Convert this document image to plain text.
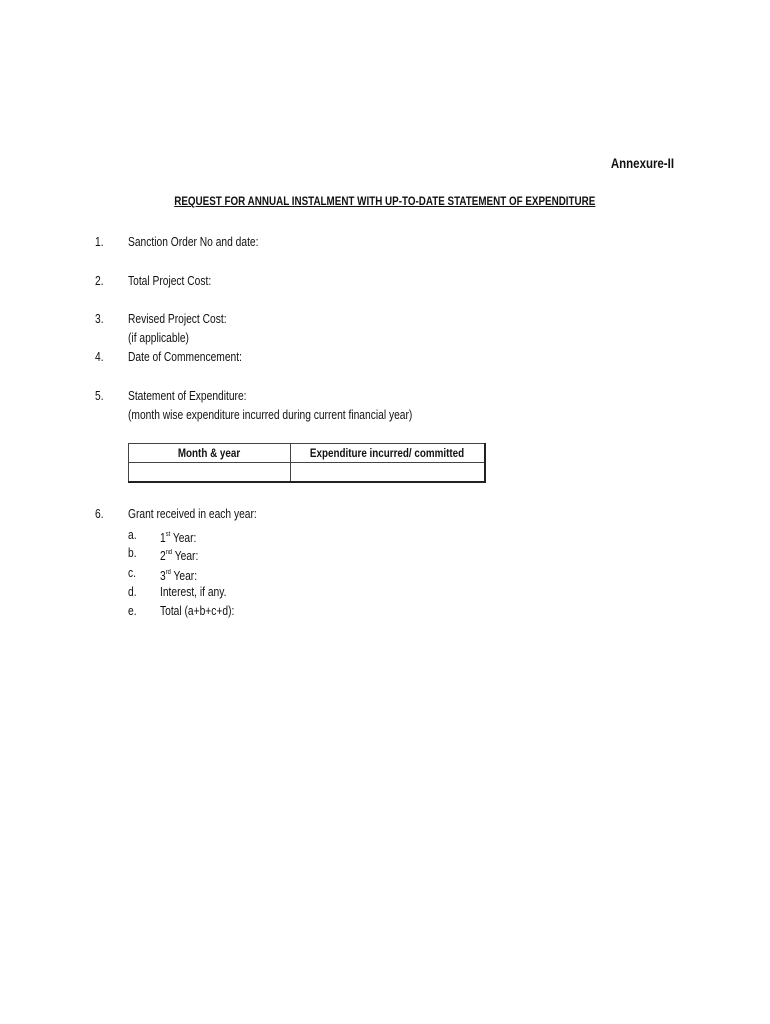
Annexure-II
REQUEST FOR ANNUAL INSTALMENT WITH UP-TO-DATE STATEMENT OF EXPENDITURE
1. Sanction Order No and date:
2. Total Project Cost:
3. Revised Project Cost:
(if applicable)
4. Date of Commencement:
5. Statement of Expenditure:
(month wise expenditure incurred during current financial year)
Month & year	Expenditure incurred/ committed

6. Grant received in each year:
a. 1st Year:
b. 2nd Year:
c. 3rd Year:
d. Interest, if any.
e. Total (a+b+c+d):
